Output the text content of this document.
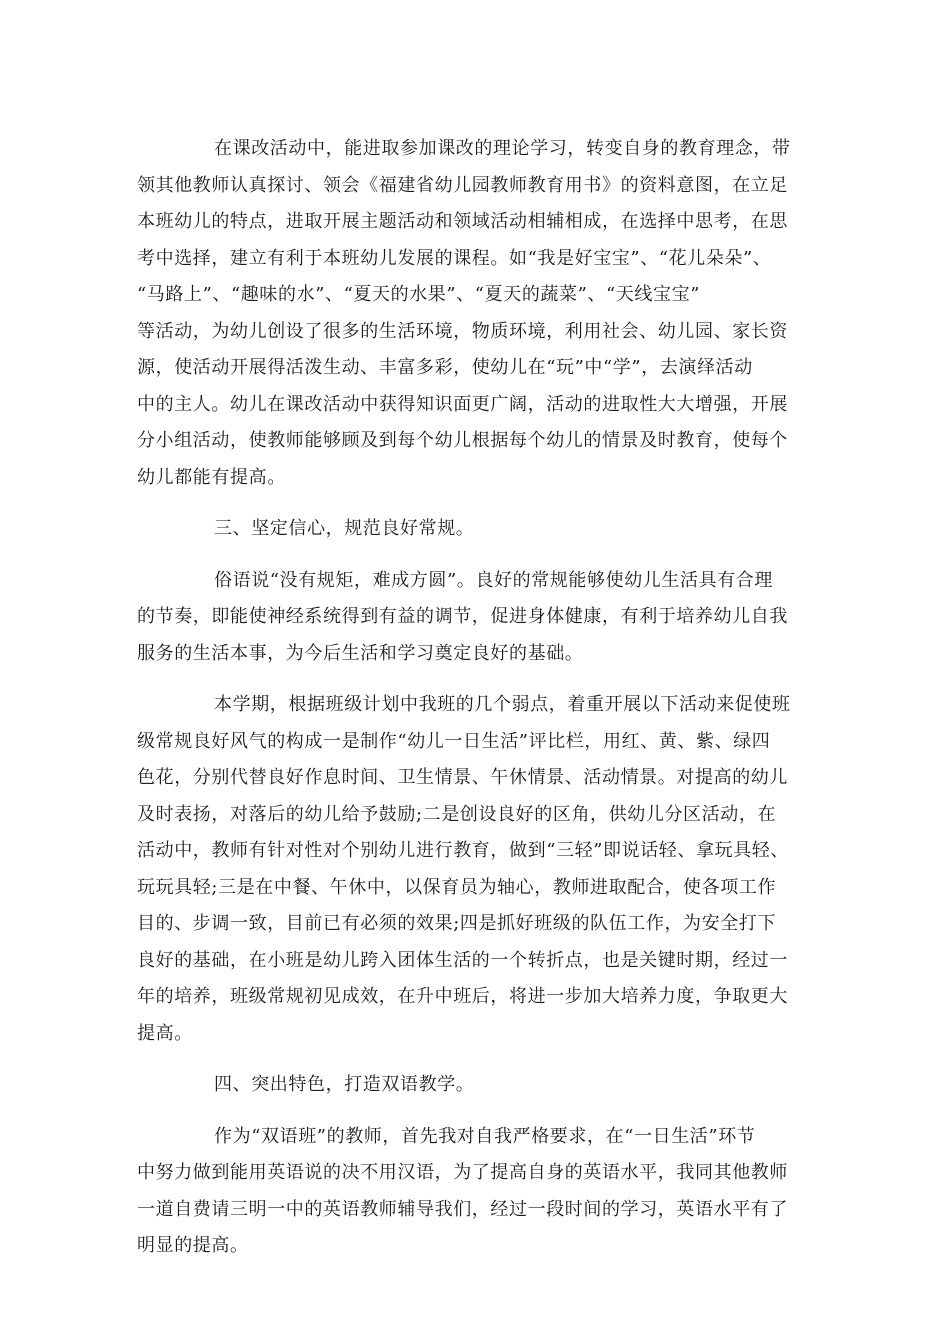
在课改活动中，能进取参加课改的理论学习，转变自身的教育理念，带
领其他教师认真探讨、领会《福建省幼儿园教师教育用书》的资料意图，在立足
本班幼儿的特点，进取开展主题活动和领域活动相辅相成，在选择中思考，在思
考中选择，建立有利于本班幼儿发展的课程。如“我是好宝宝”、“花儿朵朵”、
“马路上”、“趣味的水”、“夏天的水果”、“夏天的蔬菜”、“天线宝宝”
等活动，为幼儿创设了很多的生活环境，物质环境，利用社会、幼儿园、家长资
源，使活动开展得活泼生动、丰富多彩，使幼儿在“玩”中“学”，去演绎活动
中的主人。幼儿在课改活动中获得知识面更广阔，活动的进取性大大增强，开展
分小组活动，使教师能够顾及到每个幼儿根据每个幼儿的情景及时教育，使每个
幼儿都能有提高。
三、坚定信心，规范良好常规。
俗语说“没有规矩，难成方圆”。良好的常规能够使幼儿生活具有合理
的节奏，即能使神经系统得到有益的调节，促进身体健康，有利于培养幼儿自我
服务的生活本事，为今后生活和学习奠定良好的基础。
本学期，根据班级计划中我班的几个弱点，着重开展以下活动来促使班
级常规良好风气的构成一是制作“幼儿一日生活”评比栏，用红、黄、紫、绿四
色花，分别代替良好作息时间、卫生情景、午休情景、活动情景。对提高的幼儿
及时表扬，对落后的幼儿给予鼓励;二是创设良好的区角，供幼儿分区活动，在
活动中，教师有针对性对个别幼儿进行教育，做到“三轻”即说话轻、拿玩具轻、
玩玩具轻;三是在中餐、午休中，以保育员为轴心，教师进取配合，使各项工作
目的、步调一致，目前已有必须的效果;四是抓好班级的队伍工作，为安全打下
良好的基础，在小班是幼儿跨入团体生活的一个转折点，也是关键时期，经过一
年的培养，班级常规初见成效，在升中班后，将进一步加大培养力度，争取更大
提高。
四、突出特色，打造双语教学。
作为“双语班”的教师，首先我对自我严格要求，在“一日生活”环节
中努力做到能用英语说的决不用汉语，为了提高自身的英语水平，我同其他教师
一道自费请三明一中的英语教师辅导我们，经过一段时间的学习，英语水平有了
明显的提高。
